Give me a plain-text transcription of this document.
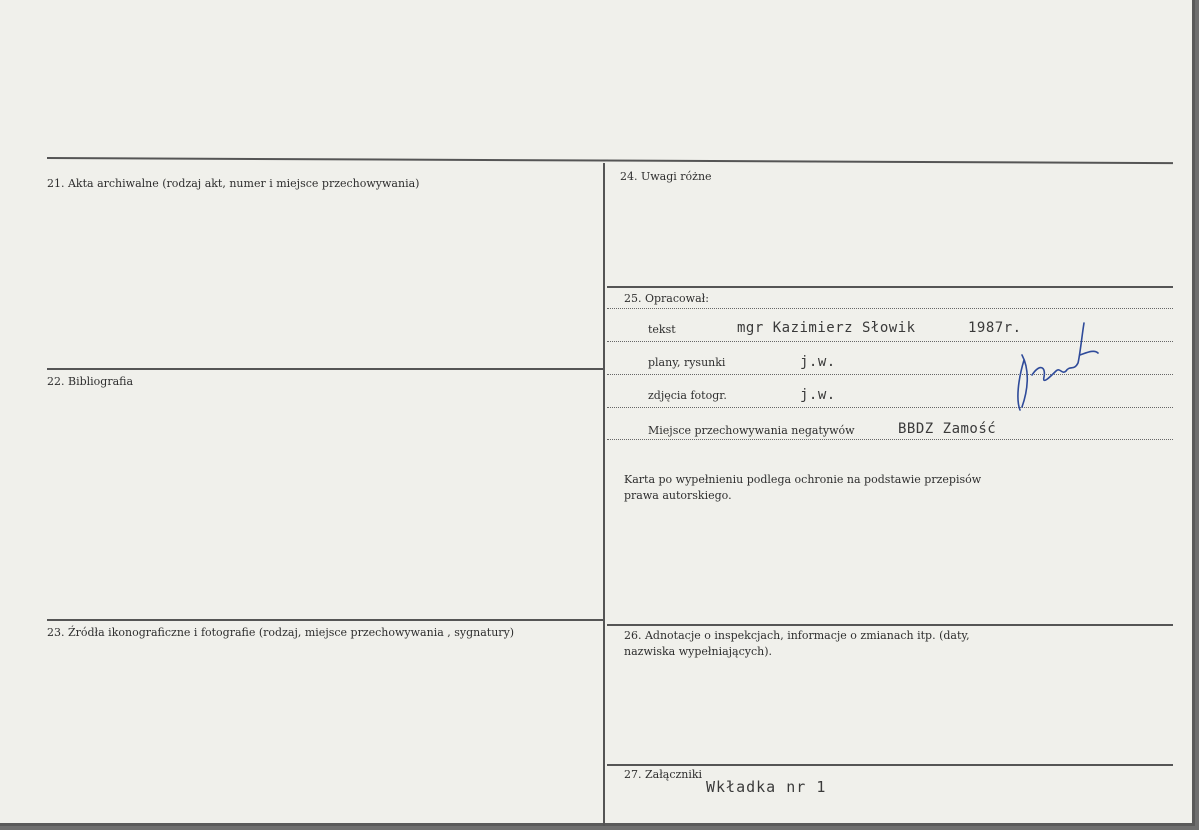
21. Akta archiwalne (rodzaj akt, numer i miejsce przechowywania)
22. Bibliografia
23. Źródła ikonograficzne i fotografie (rodzaj, miejsce przechowywania , sygnatury)
24. Uwagi różne
25. Opracował:
tekst	mgr Kazimierz Słowik	1987r.
plany, rysunki	j.w.
zdjęcia fotogr.	j.w.
Miejsce przechowywania negatywów	BBDZ Zamość
Karta po wypełnieniu podlega ochronie na podstawie przepisów
prawa autorskiego.
26. Adnotacje o inspekcjach, informacje o zmianach itp. (daty,
nazwiska wypełniających).
27. Załączniki
Wkładka nr 1
